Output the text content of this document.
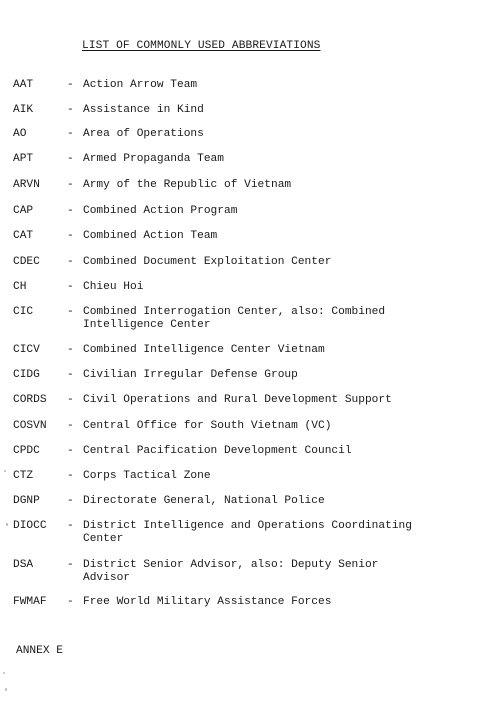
LIST OF COMMONLY USED ABBREVIATIONS
AAT	- Action Arrow Team
AIK	- Assistance in Kind
AO	- Area of Operations
APT	- Armed Propaganda Team
ARVN - Army of the Republic of Vietnam
CAP	- Combined Action Program
CAT	- Combined Action Team
CDEC - Combined Document Exploitation Center
CH	- Chieu Hoi
CIC	- Combined Interrogation Center, also: Combined
Intelligence Center
CICV - Combined Intelligence Center Vietnam
CIDG - Civilian Irregular Defense Group
CORDS - Civil Operations and Rural Development Support
COSVN - Central Office for South Vietnam (VC)
CPDC - Central Pacification Development Council
CTZ	- Corps Tactical Zone
DGNP - Directorate General, National Police
DIOCC - District Intelligence and Operations Coordinating
Center
DSA	- District Senior Advisor, also: Deputy Senior
Advisor
FWMAF - Free World Military Assistance Forces
ANNEX E
